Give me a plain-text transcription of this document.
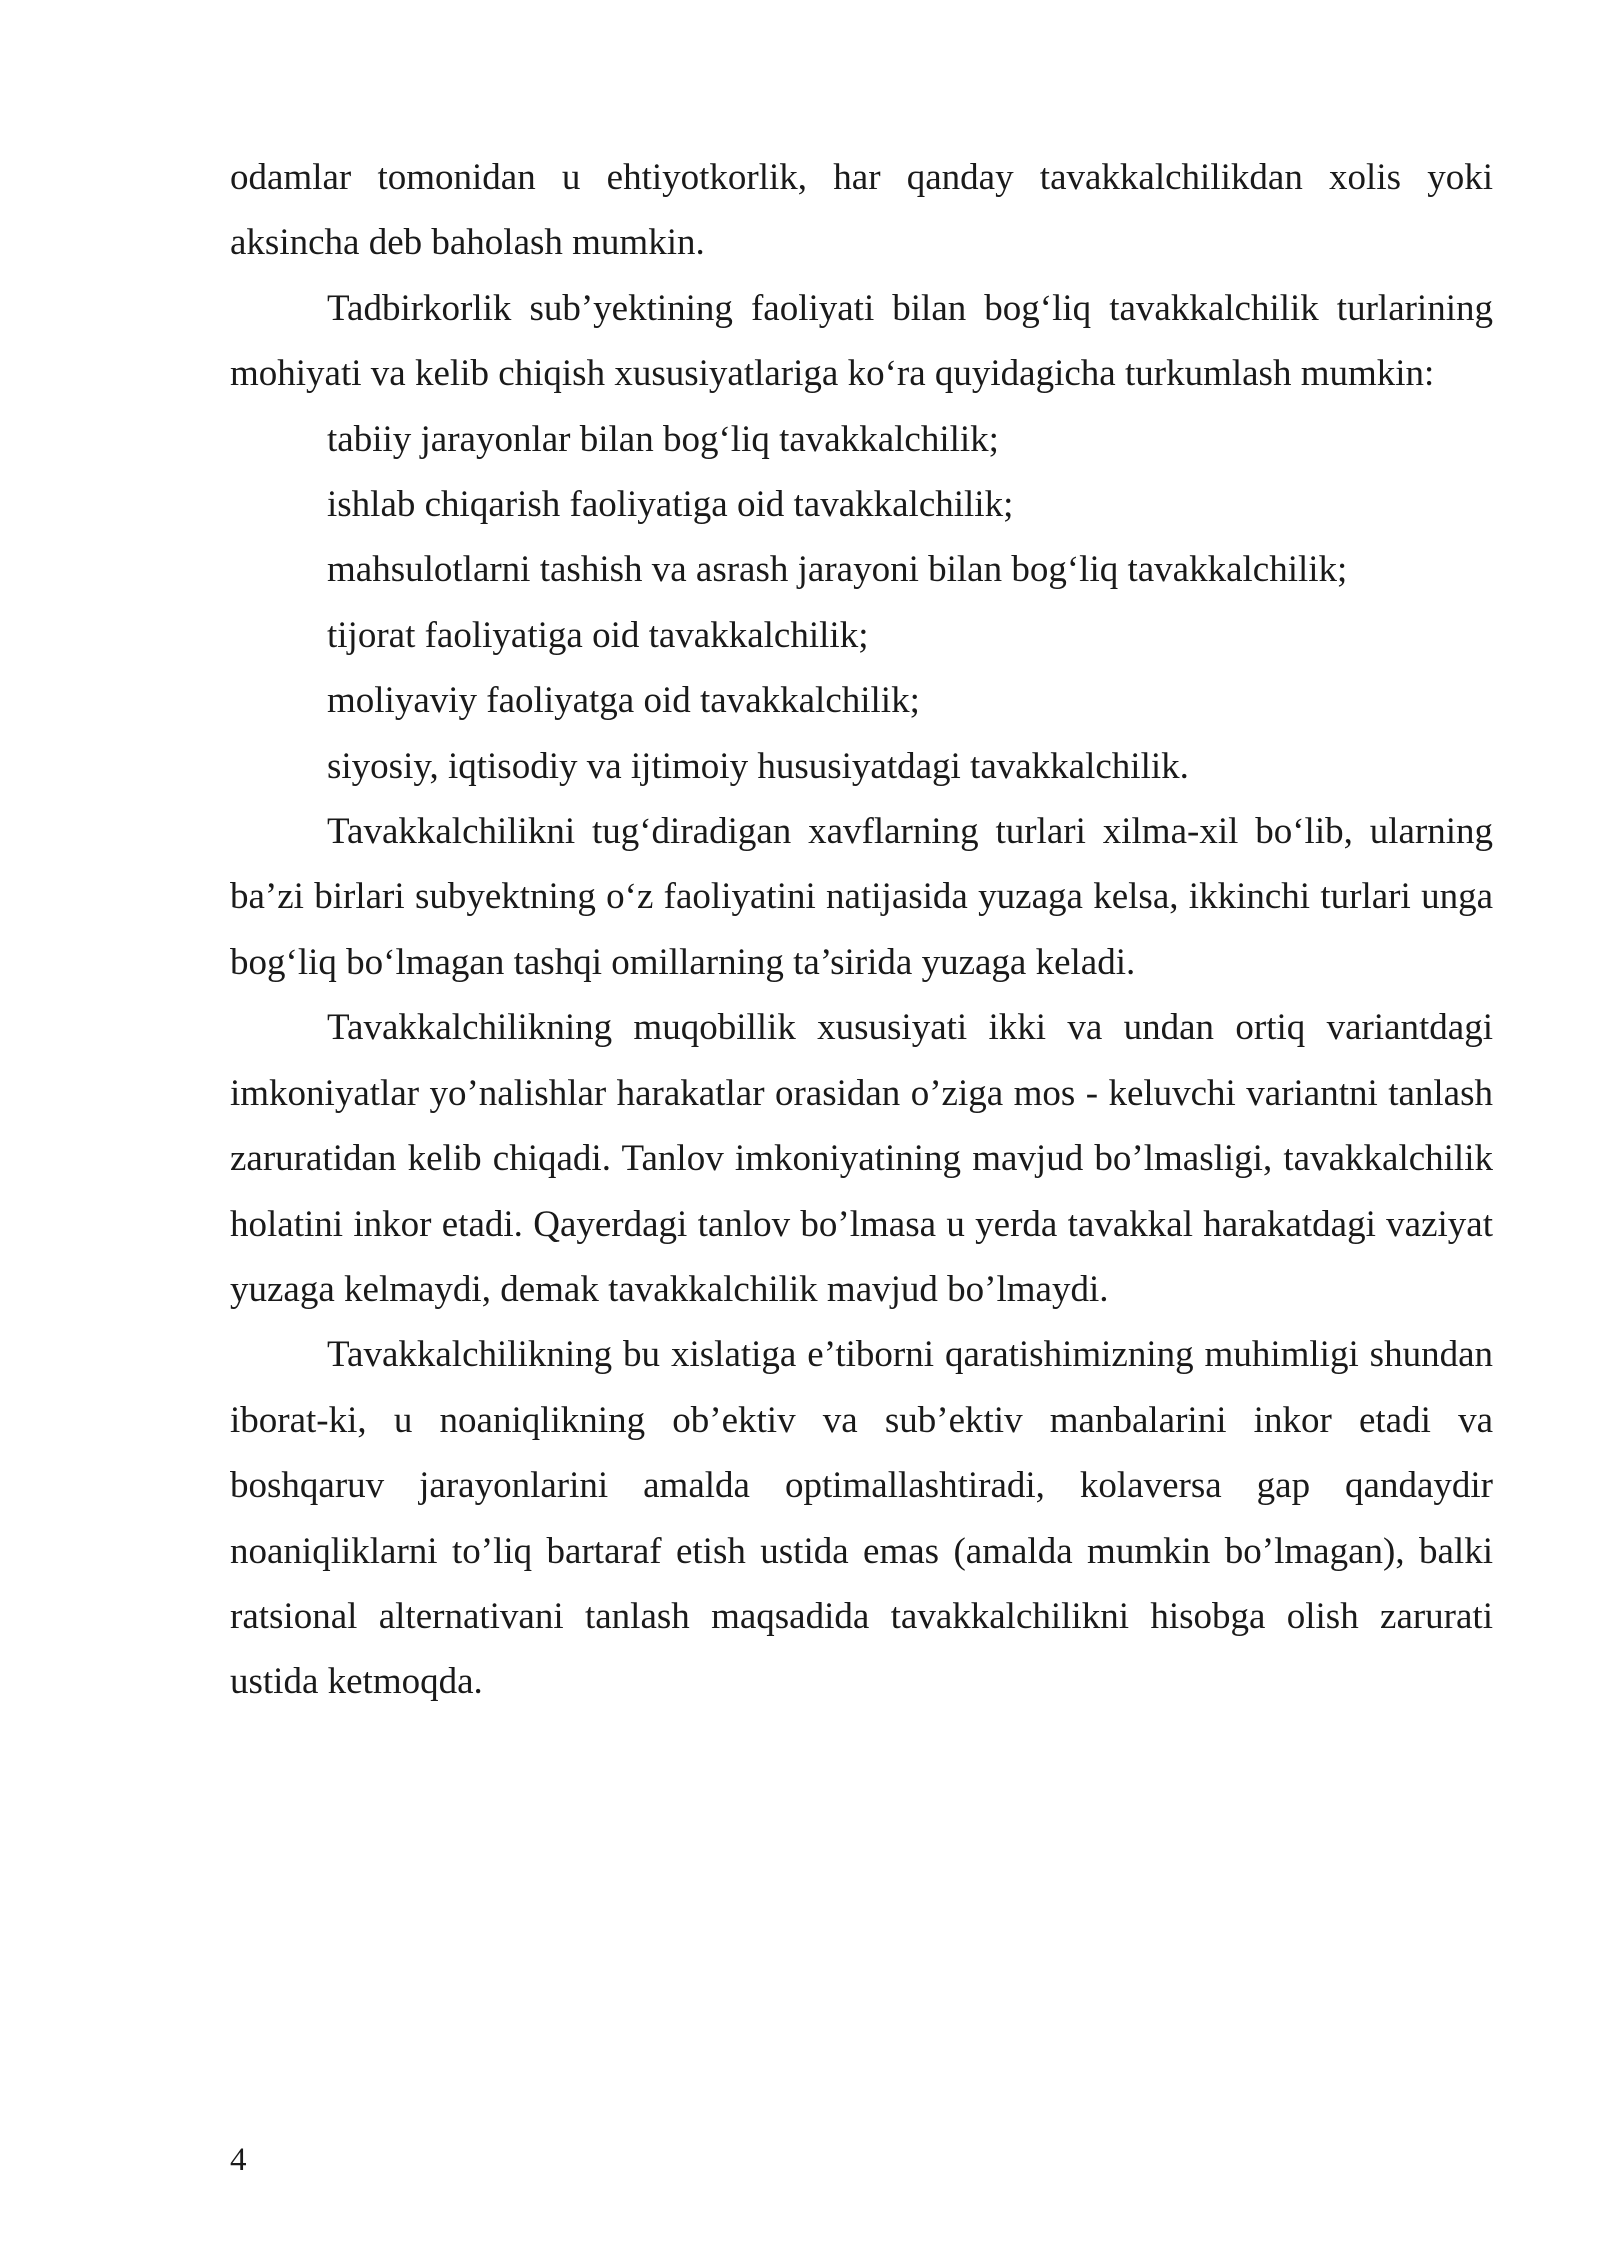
odamlar tomonidan u ehtiyotkorlik, har qanday tavakkalchilikdan xolis yoki aksincha deb baholash mumkin.

Tadbirkorlik sub’yektining faoliyati bilan bog‘liq tavakkalchilik turlarining mohiyati va kelib chiqish xususiyatlariga ko‘ra quyidagicha turkumlash mumkin:

tabiiy jarayonlar bilan bog‘liq tavakkalchilik;
ishlab chiqarish faoliyatiga oid tavakkalchilik;
mahsulotlarni tashish va asrash jarayoni bilan bog‘liq tavakkalchilik;
tijorat faoliyatiga oid tavakkalchilik;
moliyaviy faoliyatga oid tavakkalchilik;
siyosiy, iqtisodiy va ijtimoiy hususiyatdagi tavakkalchilik.

Tavakkalchilikni tug‘diradigan xavflarning turlari xilma-xil bo‘lib, ularning ba’zi birlari subyektning o‘z faoliyatini natijasida yuzaga kelsa, ikkinchi turlari unga bog‘liq bo‘lmagan tashqi omillarning ta’sirida yuzaga keladi.

Tavakkalchilikning muqobillik xususiyati ikki va undan ortiq variantdagi imkoniyatlar yo’nalishlar harakatlar orasidan o’ziga mos - keluvchi variantni tanlash zaruratidan kelib chiqadi. Tanlov imkoniyatining mavjud bo’lmasligi, tavakkalchilik holatini inkor etadi. Qayerdagi tanlov bo’lmasa u yerda tavakkal harakatdagi vaziyat yuzaga kelmaydi, demak tavakkalchilik mavjud bo’lmaydi.

Tavakkalchilikning bu xislatiga e’tiborni qaratishimizning muhimligi shundan iborat-ki, u noaniqlikning ob’ektiv va sub’ektiv manbalarini inkor etadi va boshqaruv jarayonlarini amalda optimallashtiradi, kolaversa gap qandaydir noaniqliklarni to’liq bartaraf etish ustida emas (amalda mumkin bo’lmagan), balki ratsional alternativani tanlash maqsadida tavakkalchilikni hisobga olish zarurati ustida ketmoqda.

4
